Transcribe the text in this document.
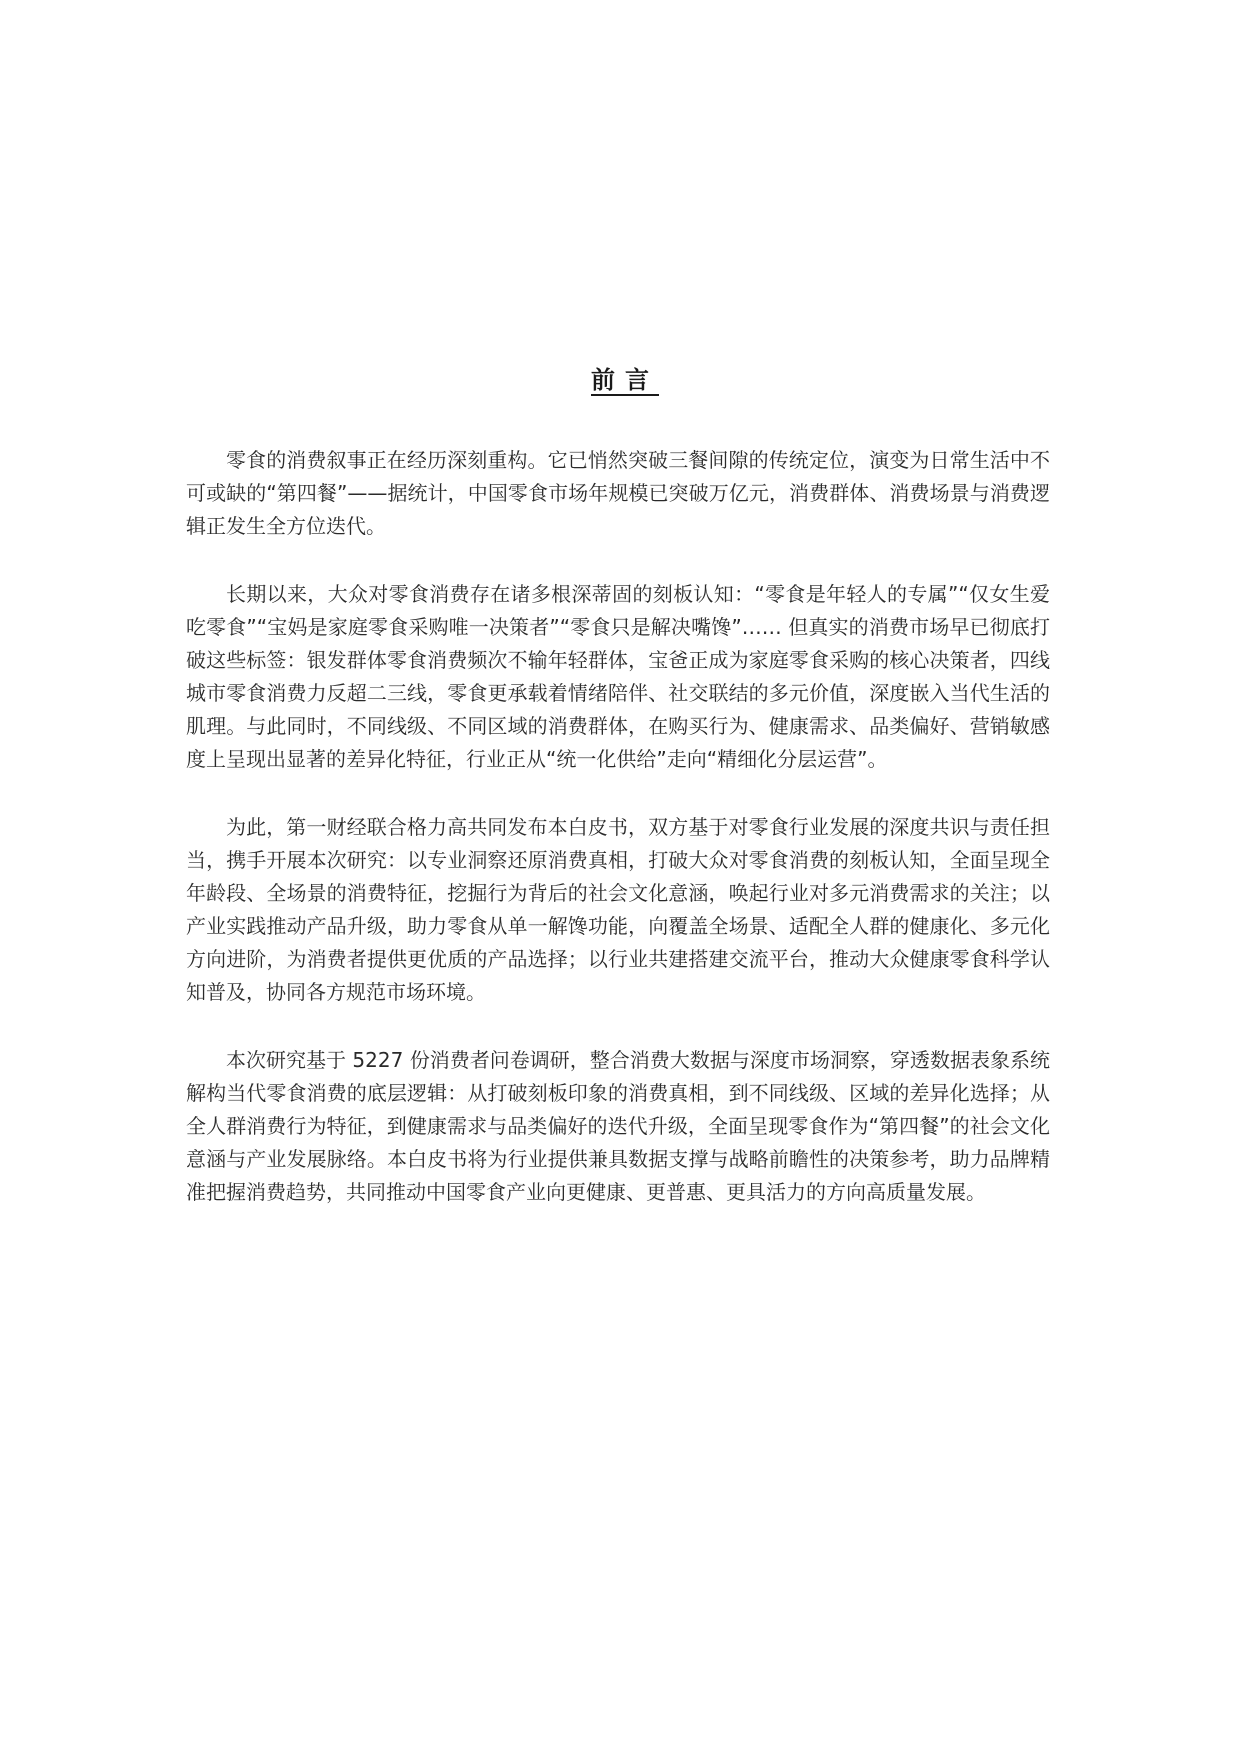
前言

零食的消费叙事正在经历深刻重构。它已悄然突破三餐间隙的传统定位，演变为日常生活中不可或缺的“第四餐”——据统计，中国零食市场年规模已突破万亿元，消费群体、消费场景与消费逻辑正发生全方位迭代。

长期以来，大众对零食消费存在诸多根深蒂固的刻板认知：“零食是年轻人的专属”“仅女生爱吃零食”“宝妈是家庭零食采购唯一决策者”“零食只是解决嘴馋”…… 但真实的消费市场早已彻底打破这些标签：银发群体零食消费频次不输年轻群体，宝爸正成为家庭零食采购的核心决策者，四线城市零食消费力反超二三线，零食更承载着情绪陪伴、社交联结的多元价值，深度嵌入当代生活的肌理。与此同时，不同线级、不同区域的消费群体，在购买行为、健康需求、品类偏好、营销敏感度上呈现出显著的差异化特征，行业正从“统一化供给”走向“精细化分层运营”。

为此，第一财经联合格力高共同发布本白皮书，双方基于对零食行业发展的深度共识与责任担当，携手开展本次研究：以专业洞察还原消费真相，打破大众对零食消费的刻板认知，全面呈现全年龄段、全场景的消费特征，挖掘行为背后的社会文化意涵，唤起行业对多元消费需求的关注；以产业实践推动产品升级，助力零食从单一解馋功能，向覆盖全场景、适配全人群的健康化、多元化方向进阶，为消费者提供更优质的产品选择；以行业共建搭建交流平台，推动大众健康零食科学认知普及，协同各方规范市场环境。

本次研究基于 5227 份消费者问卷调研，整合消费大数据与深度市场洞察，穿透数据表象系统解构当代零食消费的底层逻辑：从打破刻板印象的消费真相，到不同线级、区域的差异化选择；从全人群消费行为特征，到健康需求与品类偏好的迭代升级，全面呈现零食作为“第四餐”的社会文化意涵与产业发展脉络。本白皮书将为行业提供兼具数据支撑与战略前瞻性的决策参考，助力品牌精准把握消费趋势，共同推动中国零食产业向更健康、更普惠、更具活力的方向高质量发展。
